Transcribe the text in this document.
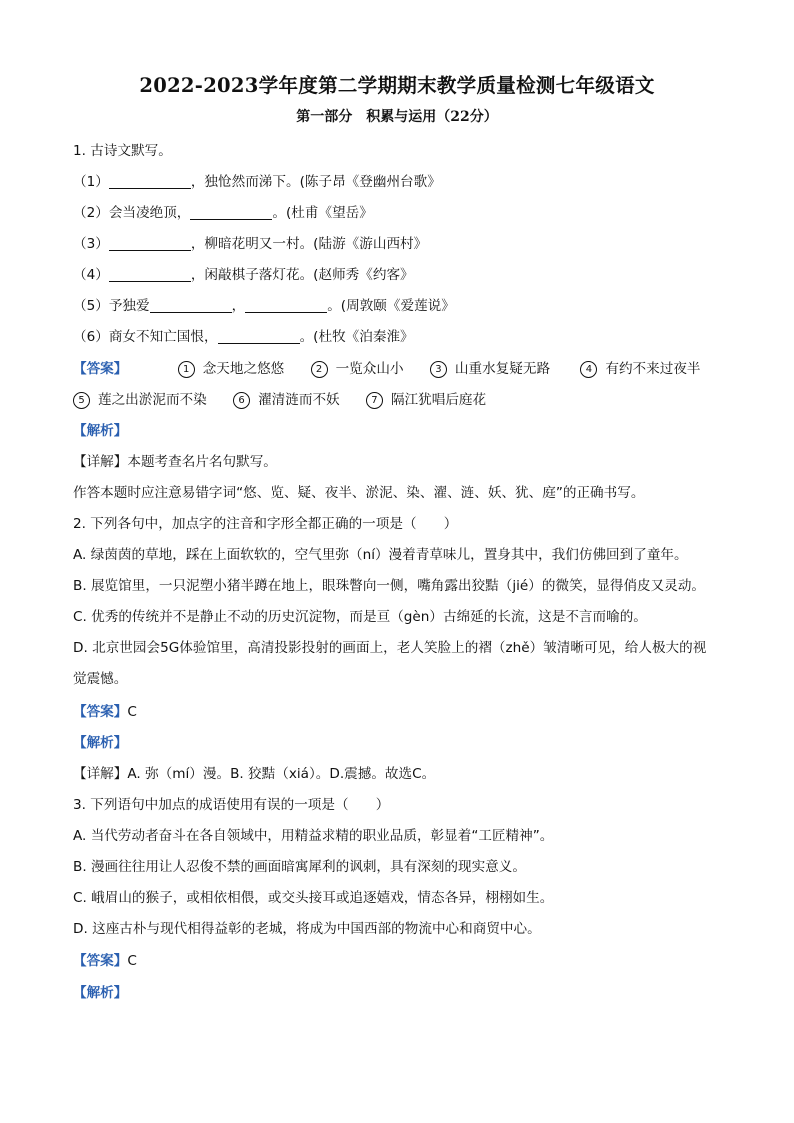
2022-2023学年度第二学期期末教学质量检测七年级语文
第一部分　积累与运用（22分）
1. 古诗文默写。
（1）	，独怆然而涕下。(陈子昂《登幽州台歌》
（2）会当凌绝顶，	。(杜甫《望岳》
（3）	，柳暗花明又一村。(陆游《游山西村》
（4）	，闲敲棋子落灯花。(赵师秀《约客》
（5）予独爱	，	。(周敦颐《爱莲说》
（6）商女不知亡国恨，	。(杜牧《泊秦淮》
【答案】	1 念天地之悠悠	2 一览众山小	3 山重水复疑无路	4 有约不来过夜半
5 莲之出淤泥而不染	6 濯清涟而不妖	7 隔江犹唱后庭花
【解析】
【详解】本题考查名片名句默写。
作答本题时应注意易错字词“悠、览、疑、夜半、淤泥、染、濯、涟、妖、犹、庭”的正确书写。
2. 下列各句中，加点字的注音和字形全都正确的一项是（　　）
A. 绿茵茵的草地，踩在上面软软的，空气里弥（ní）漫着青草味儿，置身其中，我们仿佛回到了童年。
B. 展览馆里，一只泥塑小猪半蹲在地上，眼珠瞥向一侧，嘴角露出狡黠（jié）的微笑，显得俏皮又灵动。
C. 优秀的传统并不是静止不动的历史沉淀物，而是亘（gèn）古绵延的长流，这是不言而喻的。
D. 北京世园会5G体验馆里，高清投影投射的画面上，老人笑脸上的褶（zhě）皱清晰可见，给人极大的视
觉震憾。
【答案】C
【解析】
【详解】A. 弥（mí）漫。B. 狡黠（xiá）。D.震撼。故选C。
3. 下列语句中加点的成语使用有误的一项是（　　）
A. 当代劳动者奋斗在各自领域中，用精益求精的职业品质，彰显着“工匠精神”。
B. 漫画往往用让人忍俊不禁的画面暗寓犀利的讽刺，具有深刻的现实意义。
C. 峨眉山的猴子，或相依相偎，或交头接耳或追逐嬉戏，情态各异，栩栩如生。
D. 这座古朴与现代相得益彰的老城，将成为中国西部的物流中心和商贸中心。
【答案】C
【解析】
